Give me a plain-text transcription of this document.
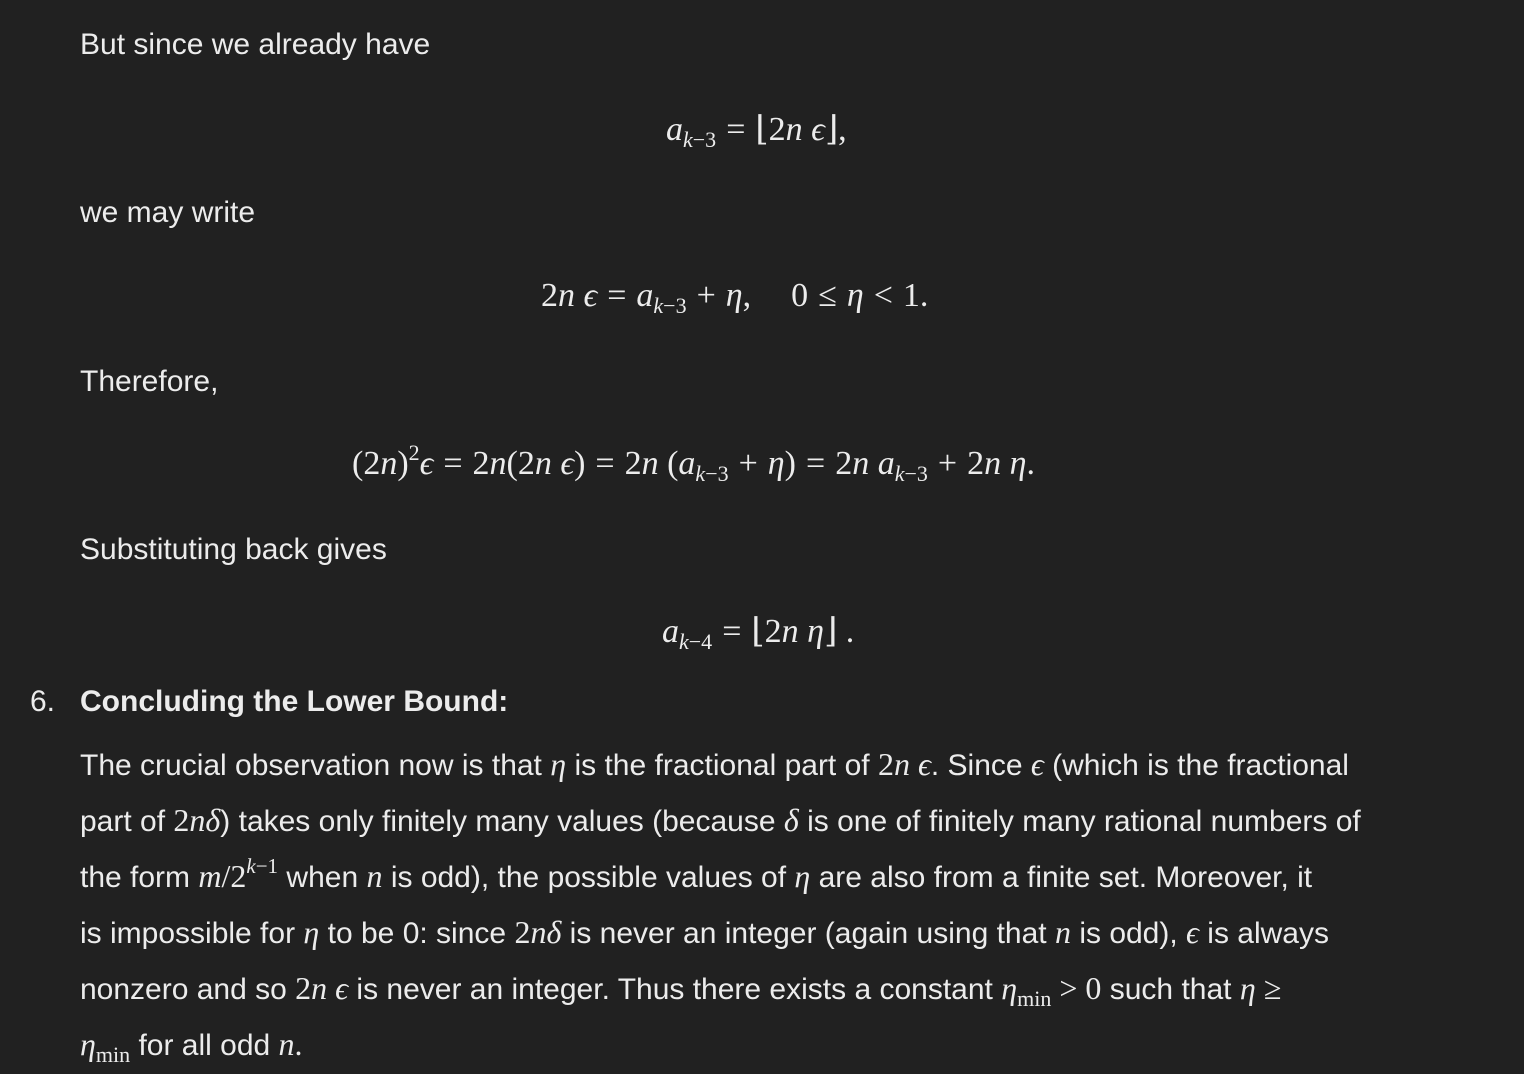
But since we already have
$a_{k-3}$ = ⌊2n ϵ⌋,
we may write
2n $\epsilon = a_{k-3} + \eta$, 0 ≤ η < 1.
Therefore,
$(2n)^2\epsilon = 2n(2n$ ϵ) = 2n $(a_{k-3} + \eta) = 2n$ $a_{k-3} + 2n$ η.
Substituting back gives
$a_{k-4}$ = ⌊2n η⌋ .
6. Concluding the Lower Bound:
The crucial observation now is that η is the fractional part of 2n ϵ. Since ϵ (which is the fractional
part of 2nδ) takes only finitely many values (because δ is one of finitely many rational numbers of
the form $m/2^{k-1}$ when n is odd), the possible values of η are also from a finite set. Moreover, it
is impossible for η to be 0: since 2nδ is never an integer (again using that n is odd), ϵ is always
nonzero and so 2n ϵ is never an integer. Thus there exists a constant $\eta_{min} > 0$ such that η ≥
$\eta_{min}$ for all odd n.
